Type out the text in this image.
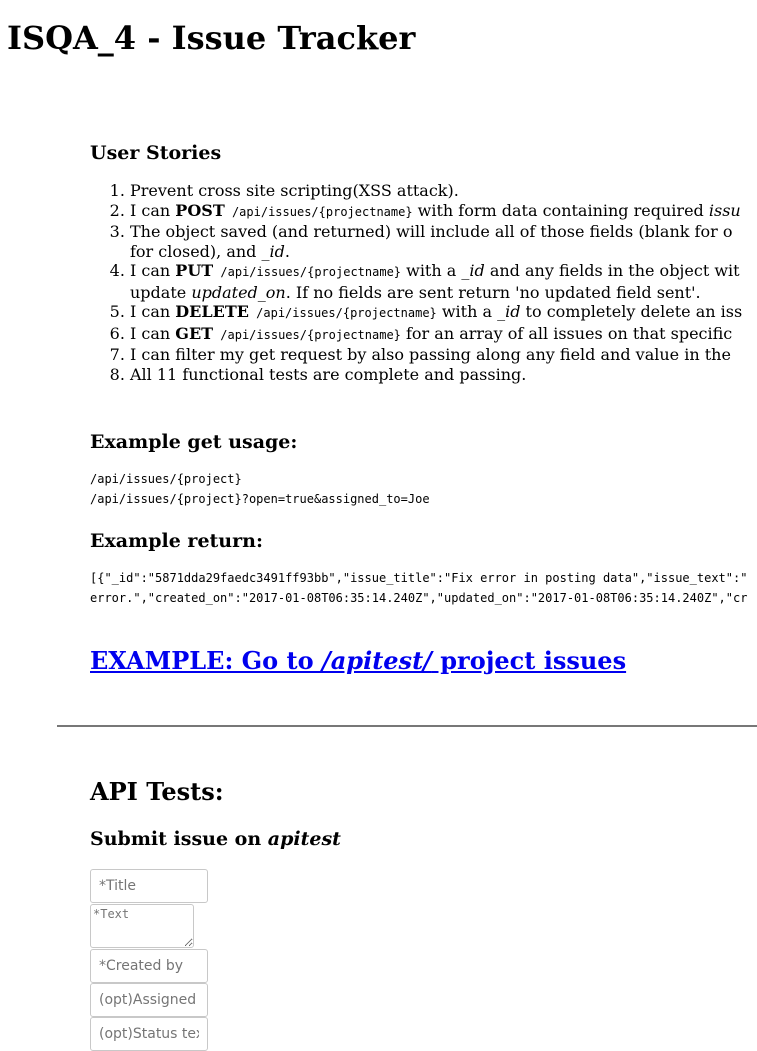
ISQA_4 - Issue Tracker
User Stories
1. Prevent cross site scripting(XSS attack).
2. I can POST /api/issues/{projectname} with form data containing required issu
3. The object saved (and returned) will include all of those fields (blank for o
for closed), and _id.
4. I can PUT /api/issues/{projectname} with a _id and any fields in the object wit
update updated_on. If no fields are sent return 'no updated field sent'.
5. I can DELETE /api/issues/{projectname} with a _id to completely delete an iss
6. I can GET /api/issues/{projectname} for an array of all issues on that specific
7. I can filter my get request by also passing along any field and value in the
8. All 11 functional tests are complete and passing.
Example get usage:
/api/issues/{project}
/api/issues/{project}?open=true&assigned_to=Joe
Example return:
[{"_id":"5871dda29faedc3491ff93bb","issue_title":"Fix error in posting data","issue_text":"
error.","created_on":"2017-01-08T06:35:14.240Z","updated_on":"2017-01-08T06:35:14.240Z","cr
EXAMPLE: Go to /apitest/ project issues
API Tests:
Submit issue on apitest
*Title
*Text
*Created by
(opt)Assigned to
(opt)Status text
